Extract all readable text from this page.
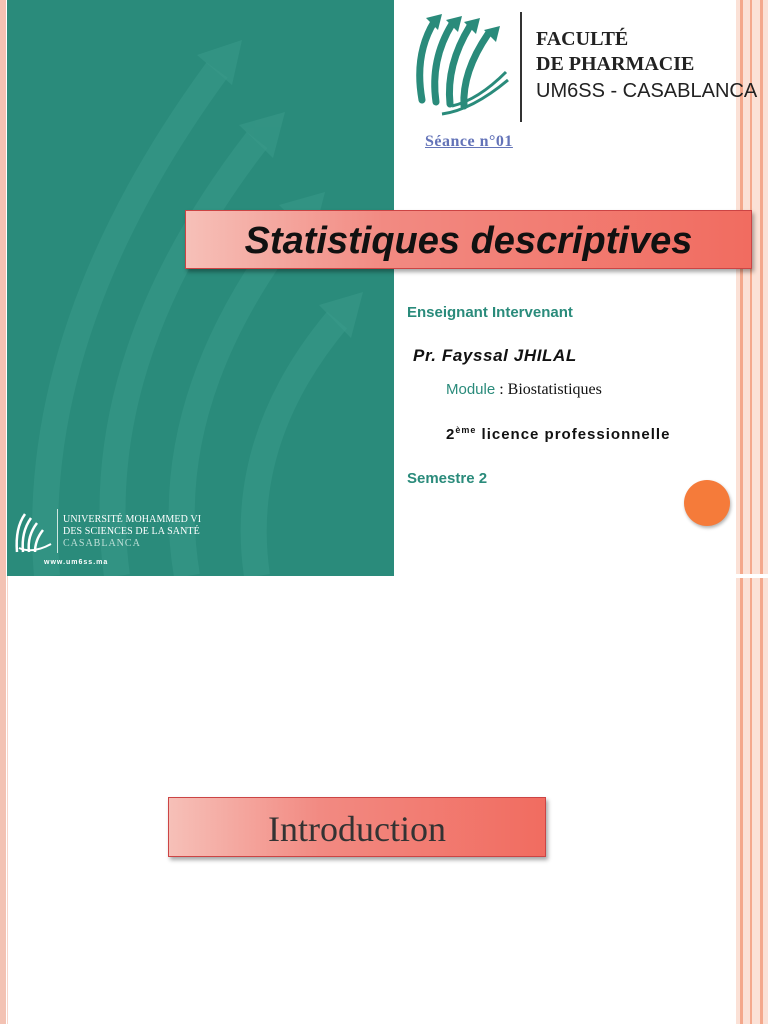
UNIVERSITÉ MOHAMMED VI
DES SCIENCES DE LA SANTÉ
CASABLANCA
www.um6ss.ma
FACULTÉ
DE PHARMACIE
UM6SS - CASABLANCA
Séance n°01
Statistiques descriptives
Enseignant Intervenant
Pr. Fayssal JHILAL
Module : Biostatistiques
2ème licence professionnelle
Semestre 2
Introduction
